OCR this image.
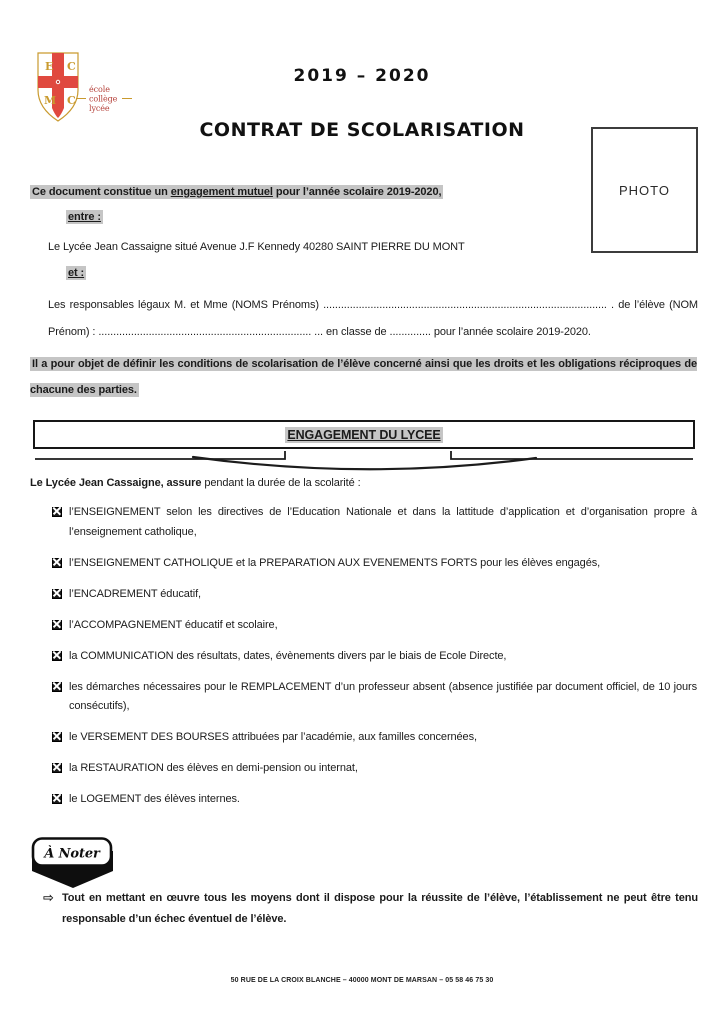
E C
M C
école
collège
lycée
2019 – 2020
CONTRAT DE SCOLARISATION
PHOTO
Ce document constitue un engagement mutuel pour l’année scolaire 2019-2020,
entre :
Le Lycée Jean Cassaigne situé Avenue J.F Kennedy 40280 SAINT PIERRE DU MONT
et :
Les responsables légaux M. et Mme (NOMS Prénoms) ................................................................................................ . de l’élève (NOM Prénom) : ........................................................................ ... en classe de .............. pour l’année scolaire 2019-2020.
Il a pour objet de définir les conditions de scolarisation de l’élève concerné ainsi que les droits et les obligations réciproques de chacune des parties.
ENGAGEMENT DU LYCEE
Le Lycée Jean Cassaigne, assure pendant la durée de la scolarité :
l’ENSEIGNEMENT selon les directives de l’Education Nationale et dans la lattitude d’application et d’organisation propre à l’enseignement catholique,
l’ENSEIGNEMENT CATHOLIQUE et la PREPARATION AUX EVENEMENTS FORTS pour les élèves engagés,
l’ENCADREMENT éducatif,
l’ACCOMPAGNEMENT éducatif et scolaire,
la COMMUNICATION des résultats, dates, évènements divers par le biais de Ecole Directe,
les démarches nécessaires pour le REMPLACEMENT d’un professeur absent (absence justifiée par document officiel, de 10 jours consécutifs),
le VERSEMENT DES BOURSES attribuées par l’académie, aux familles concernées,
la RESTAURATION des élèves en demi-pension ou internat,
le LOGEMENT des élèves internes.
À Noter
⇨ Tout en mettant en œuvre tous les moyens dont il dispose pour la réussite de l’élève, l’établissement ne peut être tenu responsable d’un échec éventuel de l’élève.
50 RUE DE LA CROIX BLANCHE – 40000 MONT DE MARSAN – 05 58 46 75 30
